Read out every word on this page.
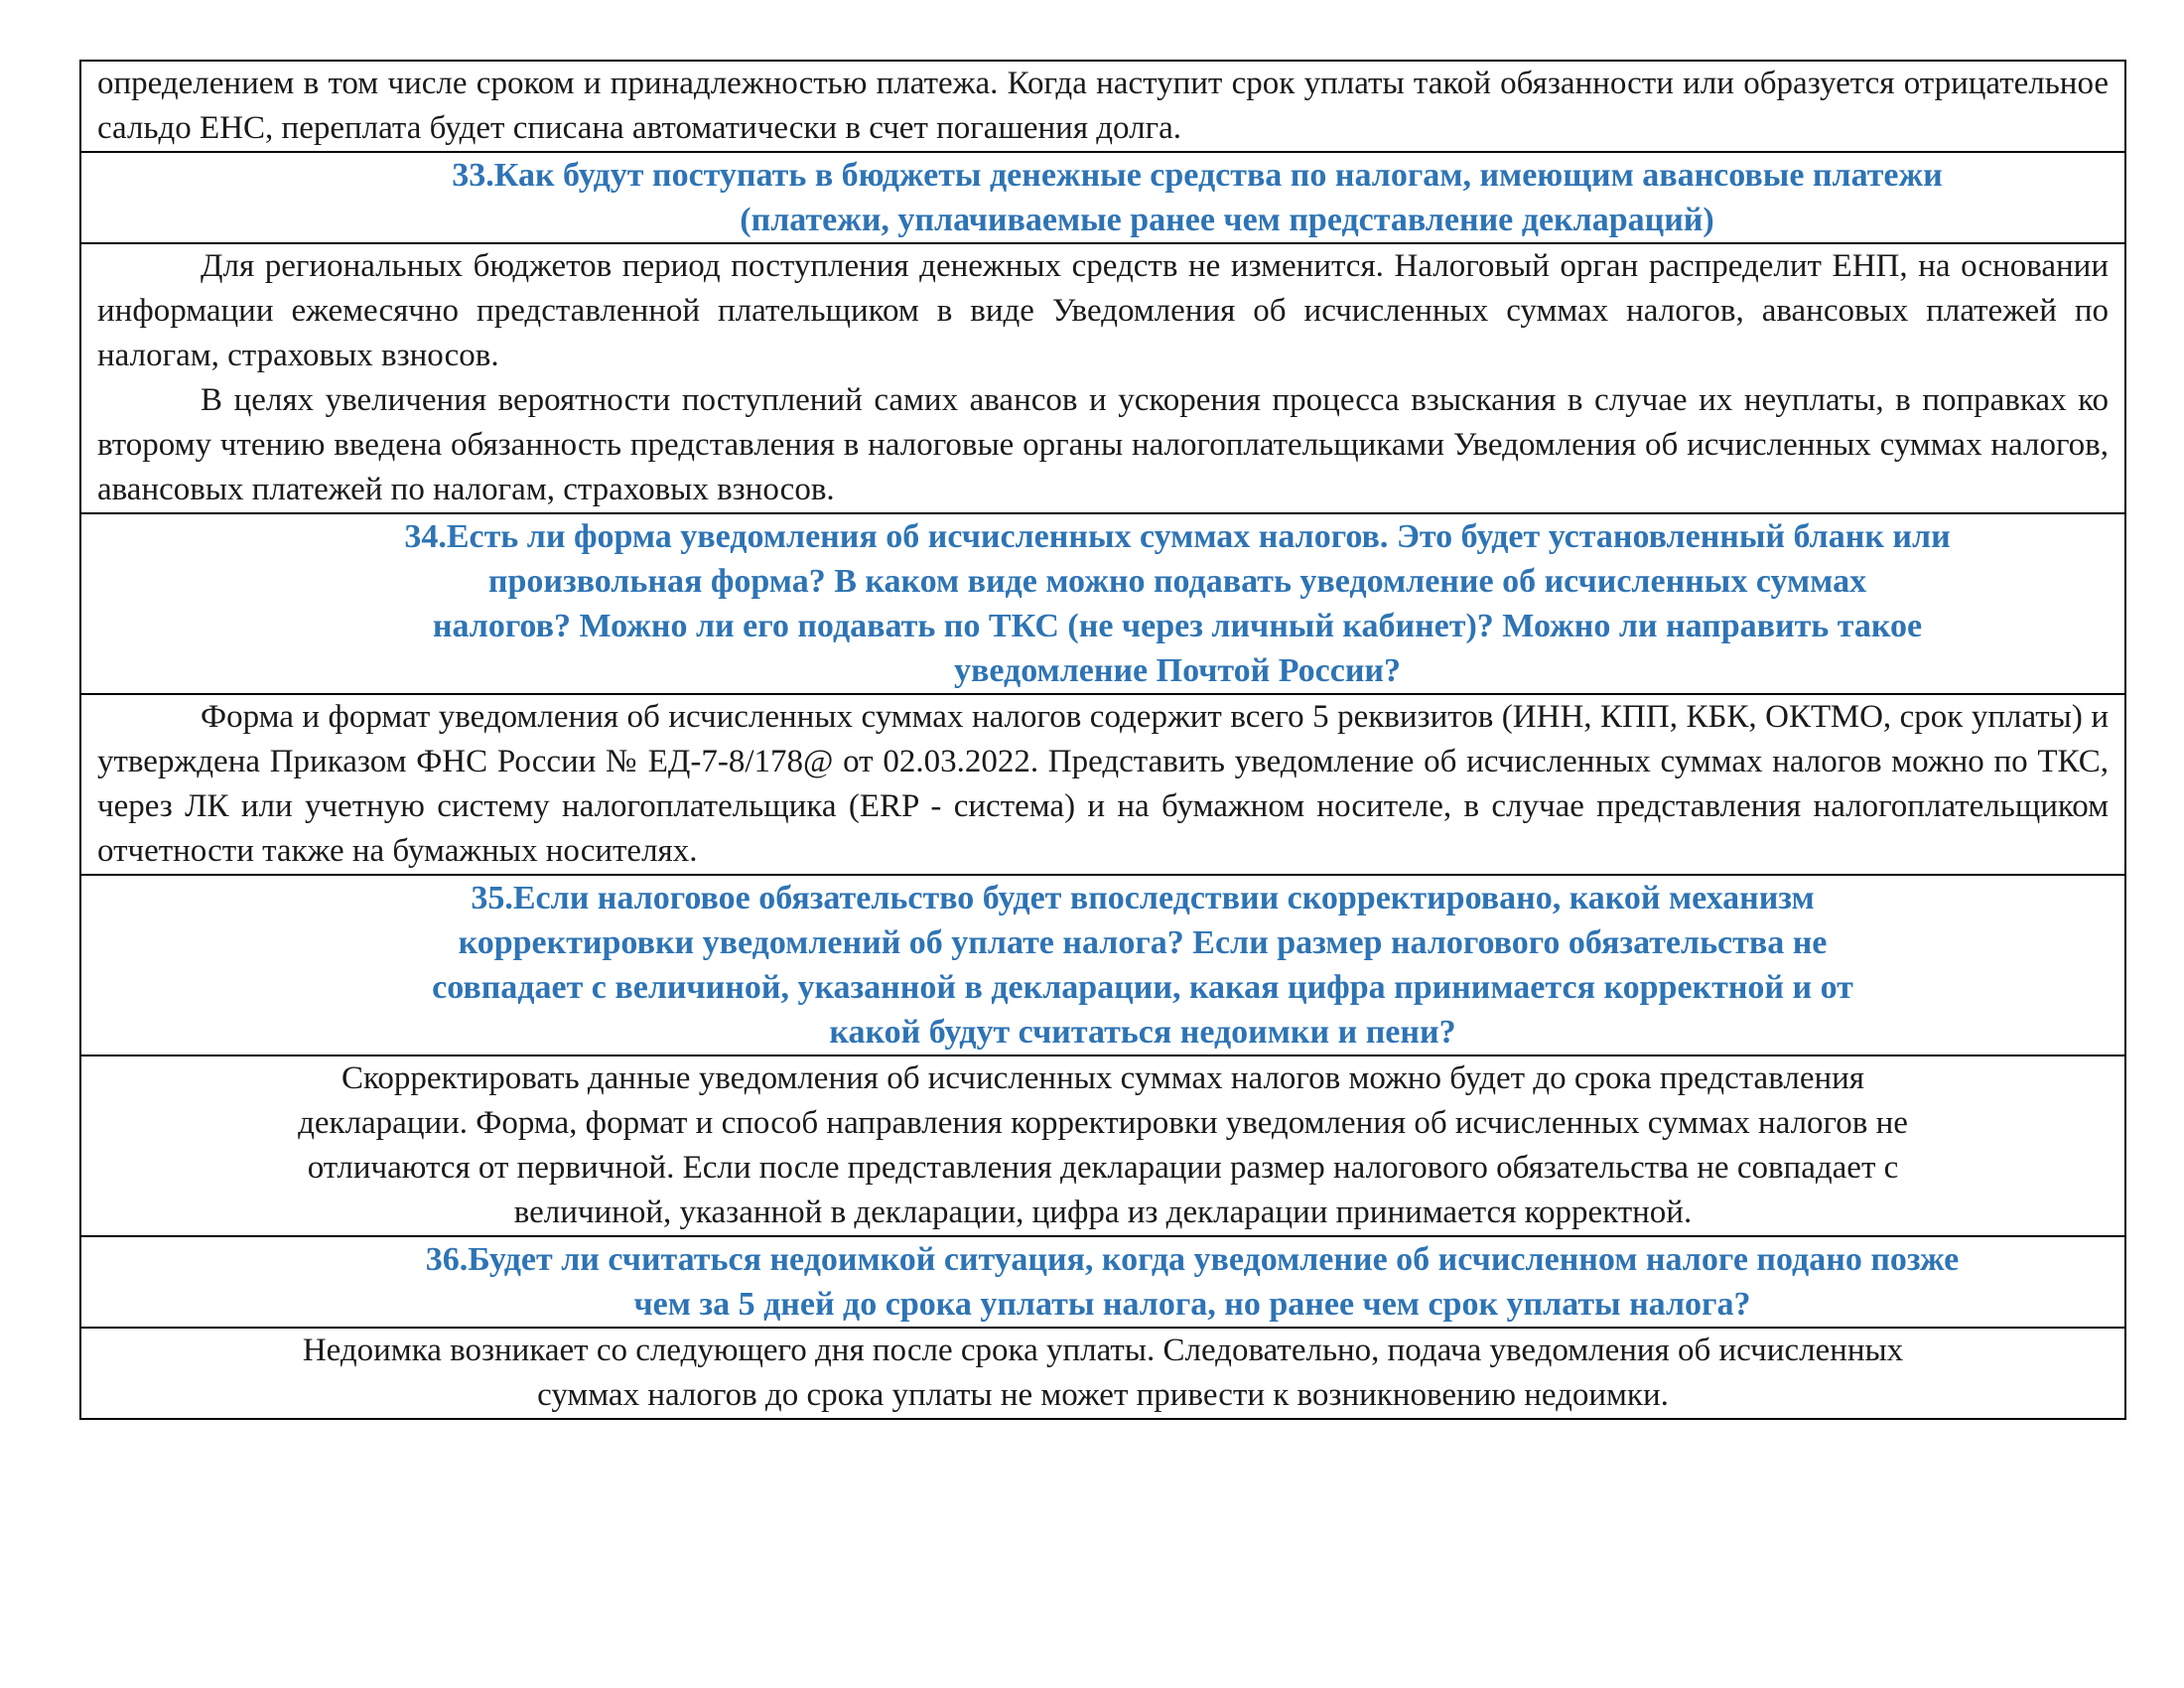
определением в том числе сроком и принадлежностью платежа. Когда наступит срок уплаты такой обязанности или образуется отрицательное сальдо ЕНС, переплата будет списана автоматически в счет погашения долга.

33.Как будут поступать в бюджеты денежные средства по налогам, имеющим авансовые платежи
(платежи, уплачиваемые ранее чем представление деклараций)

Для региональных бюджетов период поступления денежных средств не изменится. Налоговый орган распределит ЕНП, на основании информации ежемесячно представленной плательщиком в виде Уведомления об исчисленных суммах налогов, авансовых платежей по налогам, страховых взносов.

В целях увеличения вероятности поступлений самих авансов и ускорения процесса взыскания в случае их неуплаты, в поправках ко второму чтению введена обязанность представления в налоговые органы налогоплательщиками Уведомления об исчисленных суммах налогов, авансовых платежей по налогам, страховых взносов.

34.Есть ли форма уведомления об исчисленных суммах налогов. Это будет установленный бланк или
произвольная форма? В каком виде можно подавать уведомление об исчисленных суммах
налогов? Можно ли его подавать по ТКС (не через личный кабинет)? Можно ли направить такое
уведомление Почтой России?

Форма и формат уведомления об исчисленных суммах налогов содержит всего 5 реквизитов (ИНН, КПП, КБК, ОКТМО, срок уплаты) и утверждена Приказом ФНС России № ЕД-7-8/178@ от 02.03.2022. Представить уведомление об исчисленных суммах налогов можно по ТКС, через ЛК или учетную систему налогоплательщика (ERP - система) и на бумажном носителе, в случае представления налогоплательщиком отчетности также на бумажных носителях.

35.Если налоговое обязательство будет впоследствии скорректировано, какой механизм
корректировки уведомлений об уплате налога? Если размер налогового обязательства не
совпадает с величиной, указанной в декларации, какая цифра принимается корректной и от
какой будут считаться недоимки и пени?

Скорректировать данные уведомления об исчисленных суммах налогов можно будет до срока представления
декларации. Форма, формат и способ направления корректировки уведомления об исчисленных суммах налогов не
отличаются от первичной. Если после представления декларации размер налогового обязательства не совпадает с
величиной, указанной в декларации, цифра из декларации принимается корректной.

36.Будет ли считаться недоимкой ситуация, когда уведомление об исчисленном налоге подано позже
чем за 5 дней до срока уплаты налога, но ранее чем срок уплаты налога?

Недоимка возникает со следующего дня после срока уплаты. Следовательно, подача уведомления об исчисленных
суммах налогов до срока уплаты не может привести к возникновению недоимки.
